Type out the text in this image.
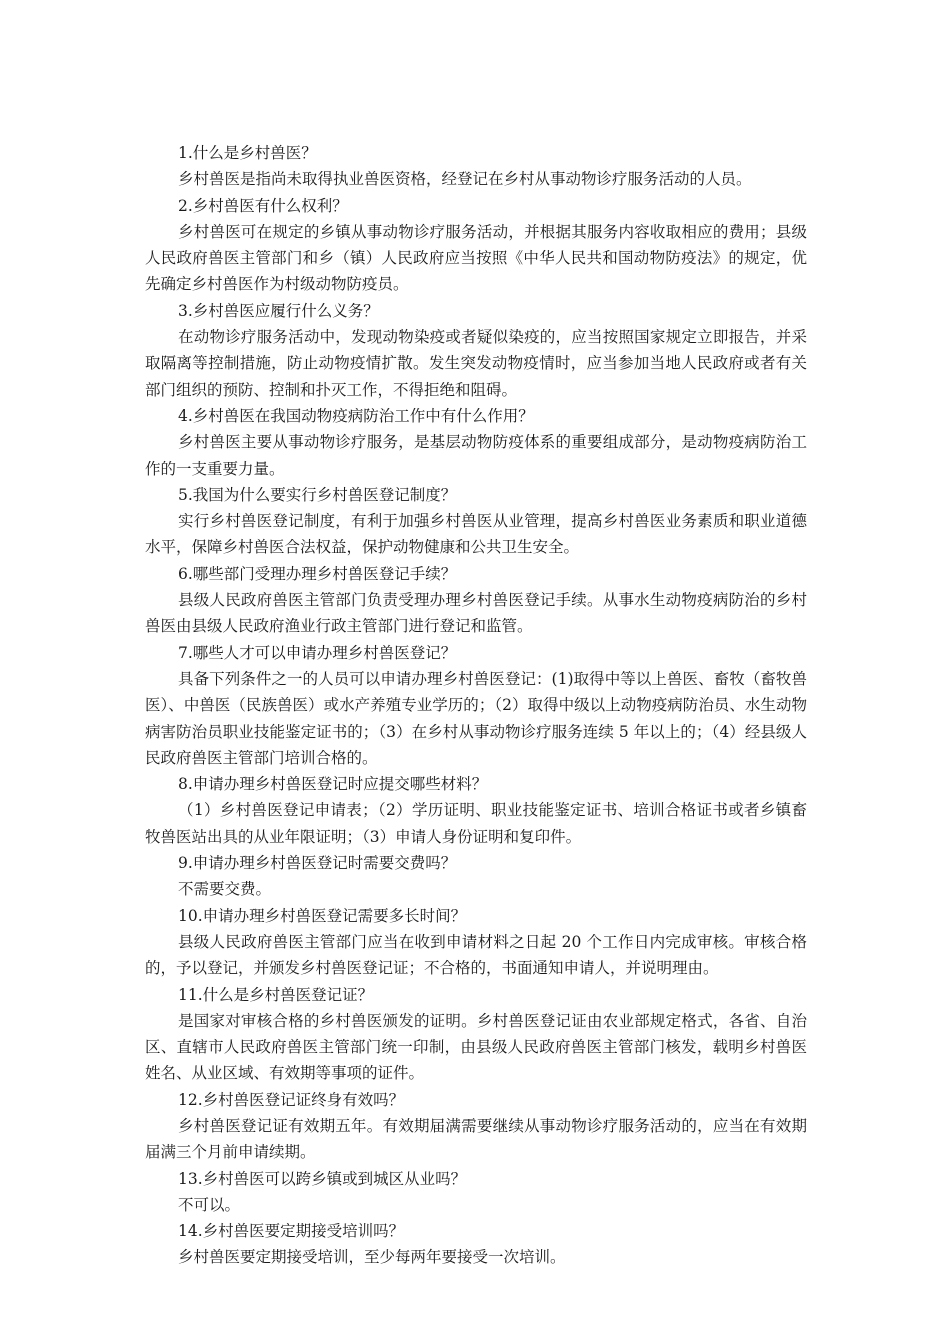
1.什么是乡村兽医？

乡村兽医是指尚未取得执业兽医资格，经登记在乡村从事动物诊疗服务活动的人员。

2.乡村兽医有什么权利？

乡村兽医可在规定的乡镇从事动物诊疗服务活动，并根据其服务内容收取相应的费用；县级人民政府兽医主管部门和乡（镇）人民政府应当按照《中华人民共和国动物防疫法》的规定，优先确定乡村兽医作为村级动物防疫员。

3.乡村兽医应履行什么义务？

在动物诊疗服务活动中，发现动物染疫或者疑似染疫的，应当按照国家规定立即报告，并采取隔离等控制措施，防止动物疫情扩散。发生突发动物疫情时，应当参加当地人民政府或者有关部门组织的预防、控制和扑灭工作，不得拒绝和阻碍。

4.乡村兽医在我国动物疫病防治工作中有什么作用？

乡村兽医主要从事动物诊疗服务，是基层动物防疫体系的重要组成部分，是动物疫病防治工作的一支重要力量。

5.我国为什么要实行乡村兽医登记制度？

实行乡村兽医登记制度，有利于加强乡村兽医从业管理，提高乡村兽医业务素质和职业道德水平，保障乡村兽医合法权益，保护动物健康和公共卫生安全。

6.哪些部门受理办理乡村兽医登记手续？

县级人民政府兽医主管部门负责受理办理乡村兽医登记手续。从事水生动物疫病防治的乡村兽医由县级人民政府渔业行政主管部门进行登记和监管。

7.哪些人才可以申请办理乡村兽医登记？

具备下列条件之一的人员可以申请办理乡村兽医登记：(1)取得中等以上兽医、畜牧（畜牧兽医）、中兽医（民族兽医）或水产养殖专业学历的；（2）取得中级以上动物疫病防治员、水生动物病害防治员职业技能鉴定证书的；（3）在乡村从事动物诊疗服务连续 5 年以上的；（4）经县级人民政府兽医主管部门培训合格的。

8.申请办理乡村兽医登记时应提交哪些材料？

（1）乡村兽医登记申请表；（2）学历证明、职业技能鉴定证书、培训合格证书或者乡镇畜牧兽医站出具的从业年限证明；（3）申请人身份证明和复印件。

9.申请办理乡村兽医登记时需要交费吗？

不需要交费。

10.申请办理乡村兽医登记需要多长时间？

县级人民政府兽医主管部门应当在收到申请材料之日起 20 个工作日内完成审核。审核合格的，予以登记，并颁发乡村兽医登记证；不合格的，书面通知申请人，并说明理由。

11.什么是乡村兽医登记证？

是国家对审核合格的乡村兽医颁发的证明。乡村兽医登记证由农业部规定格式，各省、自治区、直辖市人民政府兽医主管部门统一印制，由县级人民政府兽医主管部门核发，载明乡村兽医姓名、从业区域、有效期等事项的证件。

12.乡村兽医登记证终身有效吗？

乡村兽医登记证有效期五年。有效期届满需要继续从事动物诊疗服务活动的，应当在有效期届满三个月前申请续期。

13.乡村兽医可以跨乡镇或到城区从业吗？

不可以。

14.乡村兽医要定期接受培训吗？

乡村兽医要定期接受培训，至少每两年要接受一次培训。
